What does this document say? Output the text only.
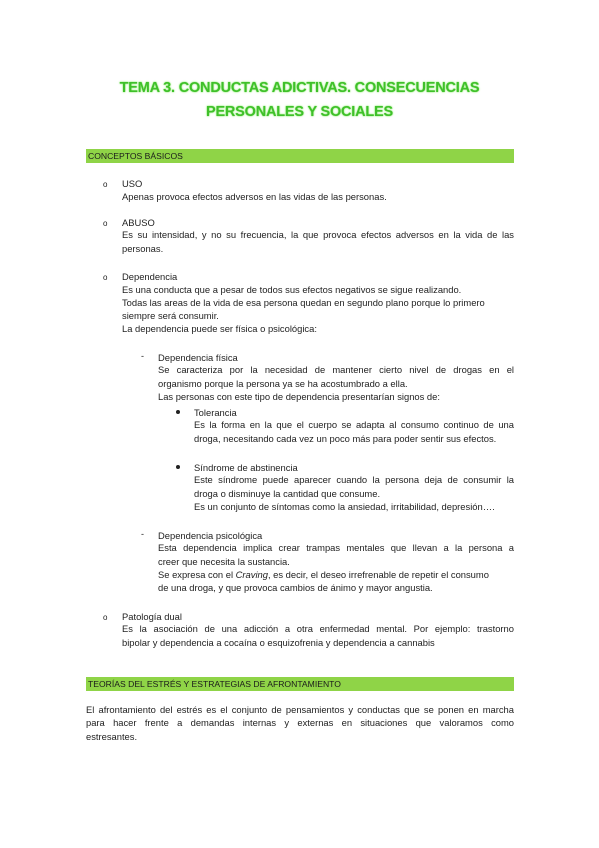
TEMA 3. CONDUCTAS ADICTIVAS. CONSECUENCIAS
PERSONALES Y SOCIALES
CONCEPTOS BÁSICOS
o USO
Apenas provoca efectos adversos en las vidas de las personas.
o ABUSO
Es su intensidad, y no su frecuencia, la que provoca efectos adversos en la vida de las
personas.
o Dependencia
Es una conducta que a pesar de todos sus efectos negativos se sigue realizando.
Todas las areas de la vida de esa persona quedan en segundo plano porque lo primero
siempre será consumir.
La dependencia puede ser física o psicológica:
- Dependencia física
Se caracteriza por la necesidad de mantener cierto nivel de drogas en el
organismo porque la persona ya se ha acostumbrado a ella.
Las personas con este tipo de dependencia presentarían signos de:
Tolerancia
Es la forma en la que el cuerpo se adapta al consumo continuo de una
droga, necesitando cada vez un poco más para poder sentir sus efectos.
Síndrome de abstinencia
Este síndrome puede aparecer cuando la persona deja de consumir la
droga o disminuye la cantidad que consume.
Es un conjunto de síntomas como la ansiedad, irritabilidad, depresión….
- Dependencia psicológica
Esta dependencia implica crear trampas mentales que llevan a la persona a
creer que necesita la sustancia.
Se expresa con el Craving, es decir, el deseo irrefrenable de repetir el consumo
de una droga, y que provoca cambios de ánimo y mayor angustia.
o Patología dual
Es la asociación de una adicción a otra enfermedad mental. Por ejemplo: trastorno
bipolar y dependencia a cocaína o esquizofrenia y dependencia a cannabis
TEORÍAS DEL ESTRÉS Y ESTRATEGIAS DE AFRONTAMIENTO
El afrontamiento del estrés es el conjunto de pensamientos y conductas que se ponen en marcha
para hacer frente a demandas internas y externas en situaciones que valoramos como
estresantes.
